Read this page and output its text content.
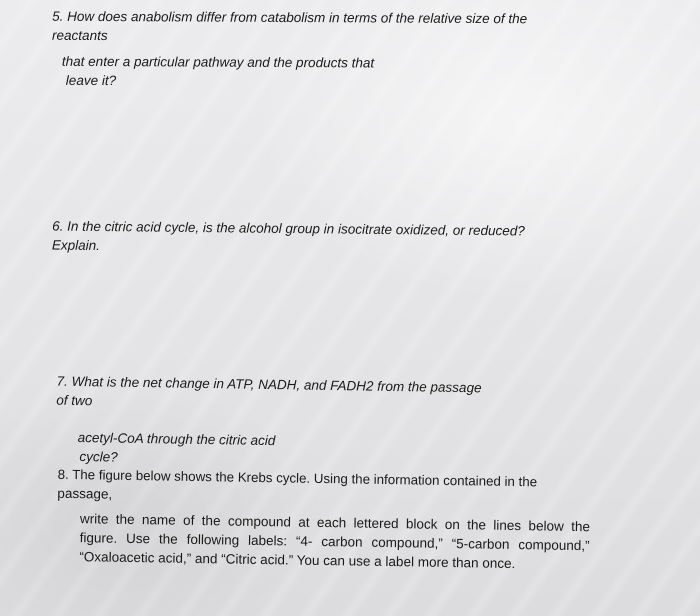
5. How does anabolism differ from catabolism in terms of the relative size of the
reactants
that enter a particular pathway and the products that
leave it?
6. In the citric acid cycle, is the alcohol group in isocitrate oxidized, or reduced?
Explain.
7. What is the net change in ATP, NADH, and FADH2 from the passage
of two
acetyl-CoA through the citric acid
cycle?
8. The figure below shows the Krebs cycle. Using the information contained in the
passage,
write the name of the compound at each lettered block on the lines below the
figure. Use the following labels: “4- carbon compound,” “5-carbon compound,”
“Oxaloacetic acid,” and “Citric acid.” You can use a label more than once.
